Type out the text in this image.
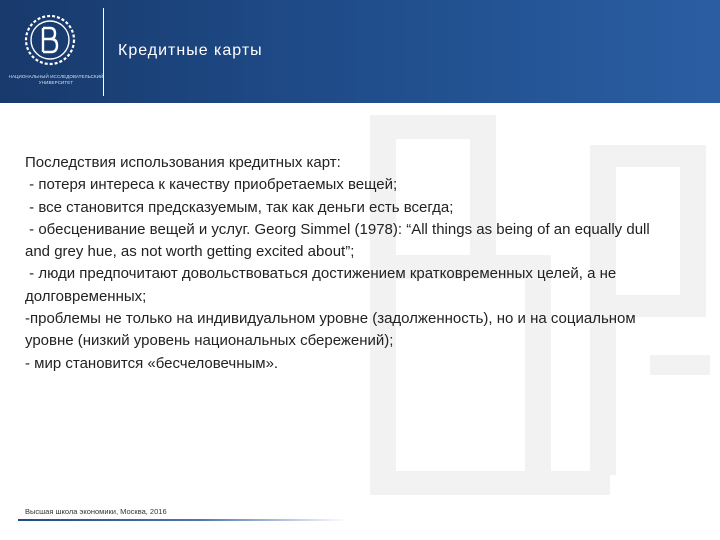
НАЦИОНАЛЬНЫЙ ИССЛЕДОВАТЕЛЬСКИЙ УНИВЕРСИТЕТ
Кредитные карты

Последствия использования кредитных карт:

- потеря интереса к качеству приобретаемых вещей;

- все становится предсказуемым, так как деньги есть всегда;

- обесценивание вещей и услуг. Georg Simmel (1978): “All things as being of an equally dull and grey hue, as not worth getting excited about”;

- люди предпочитают довольствоваться достижением кратковременных целей, а не долговременных;

-проблемы не только на индивидуальном уровне (задолженность), но и на социальном уровне (низкий уровень национальных сбережений);

- мир становится «бесчеловечным».

Высшая школа экономики, Москва, 2016
